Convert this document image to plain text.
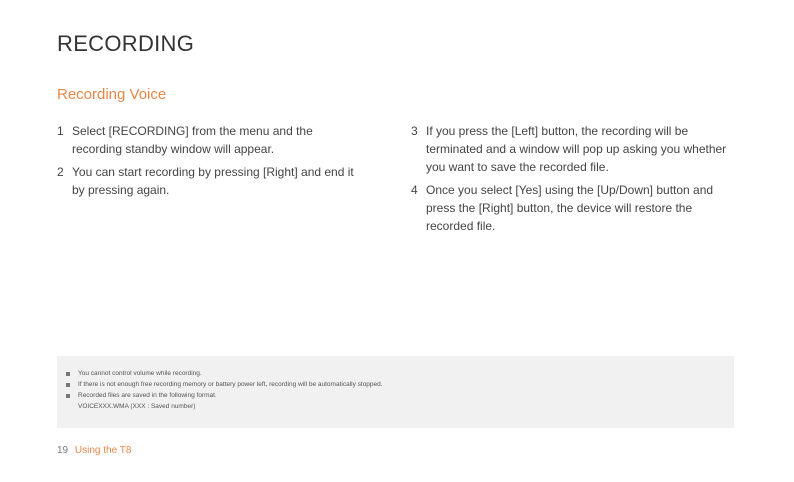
RECORDING
Recording Voice
1 Select [RECORDING] from the menu and the recording standby window will appear.
2 You can start recording by pressing [Right] and end it by pressing again.
3 If you press the [Left] button, the recording will be terminated and a window will pop up asking you whether you want to save the recorded file.
4 Once you select [Yes] using the [Up/Down] button and press the [Right] button, the device will restore the recorded file.
You cannot control volume while recording.
If there is not enough free recording memory or battery power left, recording will be automatically stopped.
Recorded files are saved in the following format.
VOICEXXX.WMA (XXX : Saved number)
19 Using the T8
